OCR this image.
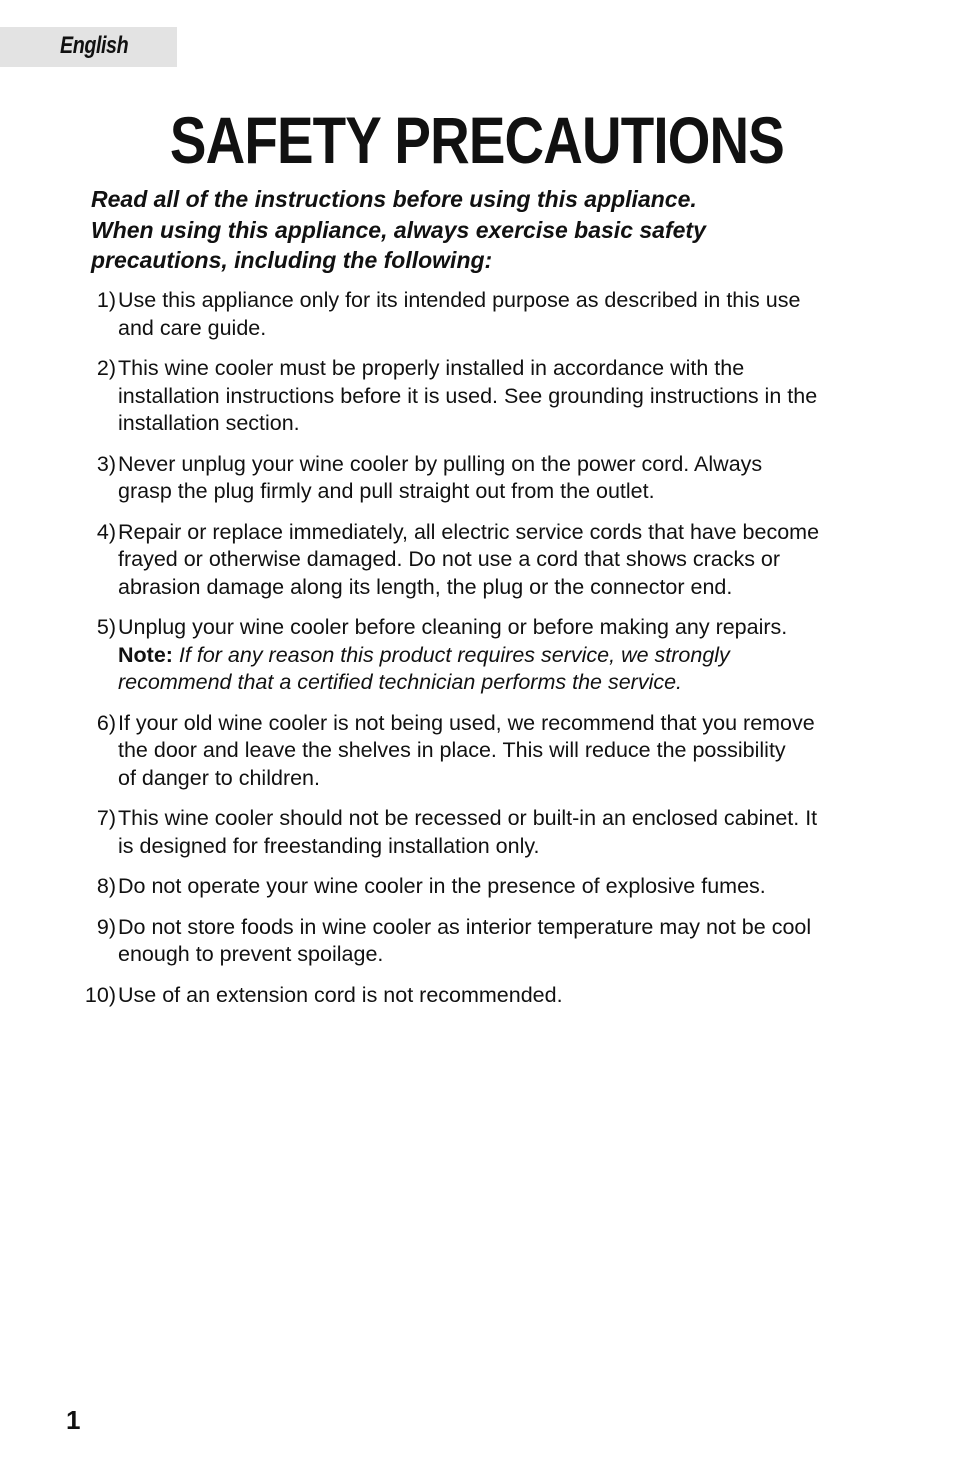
English
SAFETY PRECAUTIONS

Read all of the instructions before using this appliance.
When using this appliance, always exercise basic safety
precautions, including the following:

1) Use this appliance only for its intended purpose as described in this use
and care guide.
2) This wine cooler must be properly installed in accordance with the
installation instructions before it is used. See grounding instructions in the
installation section.
3) Never unplug your wine cooler by pulling on the power cord. Always
grasp the plug firmly and pull straight out from the outlet.
4) Repair or replace immediately, all electric service cords that have become
frayed or otherwise damaged. Do not use a cord that shows cracks or
abrasion damage along its length, the plug or the connector end.
5) Unplug your wine cooler before cleaning or before making any repairs.
Note: If for any reason this product requires service, we strongly
recommend that a certified technician performs the service.
6) If your old wine cooler is not being used, we recommend that you remove
the door and leave the shelves in place. This will reduce the possibility
of danger to children.
7) This wine cooler should not be recessed or built-in an enclosed cabinet. It
is designed for freestanding installation only.
8) Do not operate your wine cooler in the presence of explosive fumes.
9) Do not store foods in wine cooler as interior temperature may not be cool
enough to prevent spoilage.
10) Use of an extension cord is not recommended.
1
